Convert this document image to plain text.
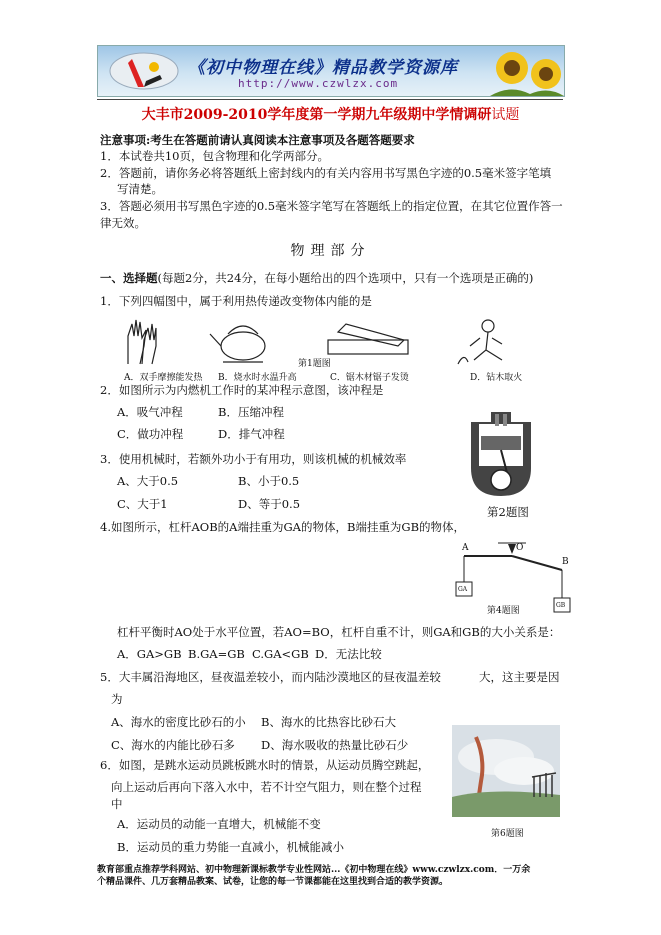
《初中物理在线》精品教学资源库
http://www.czwlzx.com
大丰市2009-2010学年度第一学期九年级期中学情调研试题
注意事项:考生在答题前请认真阅读本注意事项及各题答题要求
1．本试卷共10页，包含物理和化学两部分。
2．答题前，请你务必将答题纸上密封线内的有关内容用书写黑色字迹的0.5毫米签字笔填
写清楚。
3．答题必须用书写黑色字迹的0.5毫米签字笔写在答题纸上的指定位置，在其它位置作答一
律无效。
物理部分
一、选择题(每题2分，共24分，在每小题给出的四个选项中，只有一个选项是正确的)
1．下列四幅图中，属于利用热传递改变物体内能的是
第1题图
A．双手摩擦能发热 B．烧水时水温升高	C．锯木材锯子发烫	D．钻木取火
2．如图所示为内燃机工作时的某冲程示意图，该冲程是
A．吸气冲程	B．压缩冲程
C．做功冲程	D．排气冲程
第2题图
3．使用机械时，若额外功小于有用功，则该机械的机械效率
A、大于0.5	B、小于0.5
C、大于1	D、等于0.5
4.如图所示，杠杆AOB的A端挂重为GA的物体，B端挂重为GB的物体，
A	O
B
GA
GB
第4题图
杠杆平衡时AO处于水平位置，若AO=BO，杠杆自重不计，则GA和GB的大小关系是：
A．GA>GB B.GA=GB C.GA<GB D．无法比较
5．大丰属沿海地区，昼夜温差较小，而内陆沙漠地区的昼夜温差较	大，这主要是因
为
A、海水的密度比砂石的小 B、海水的比热容比砂石大
C、海水的内能比砂石多 D、海水吸收的热量比砂石少
6．如图，是跳水运动员跳板跳水时的情景，从运动员腾空跳起，
向上运动后再向下落入水中，若不计空气阻力，则在整个过程
中
A．运动员的动能一直增大，机械能不变
B．运动员的重力势能一直减小，机械能减小
第6题图
教育部重点推荐学科网站、初中物理新课标教学专业性网站...《初中物理在线》www.czwlzx.com．一万余
个精品课件、几万套精品教案、试卷，让您的每一节课都能在这里找到合适的教学资源。
